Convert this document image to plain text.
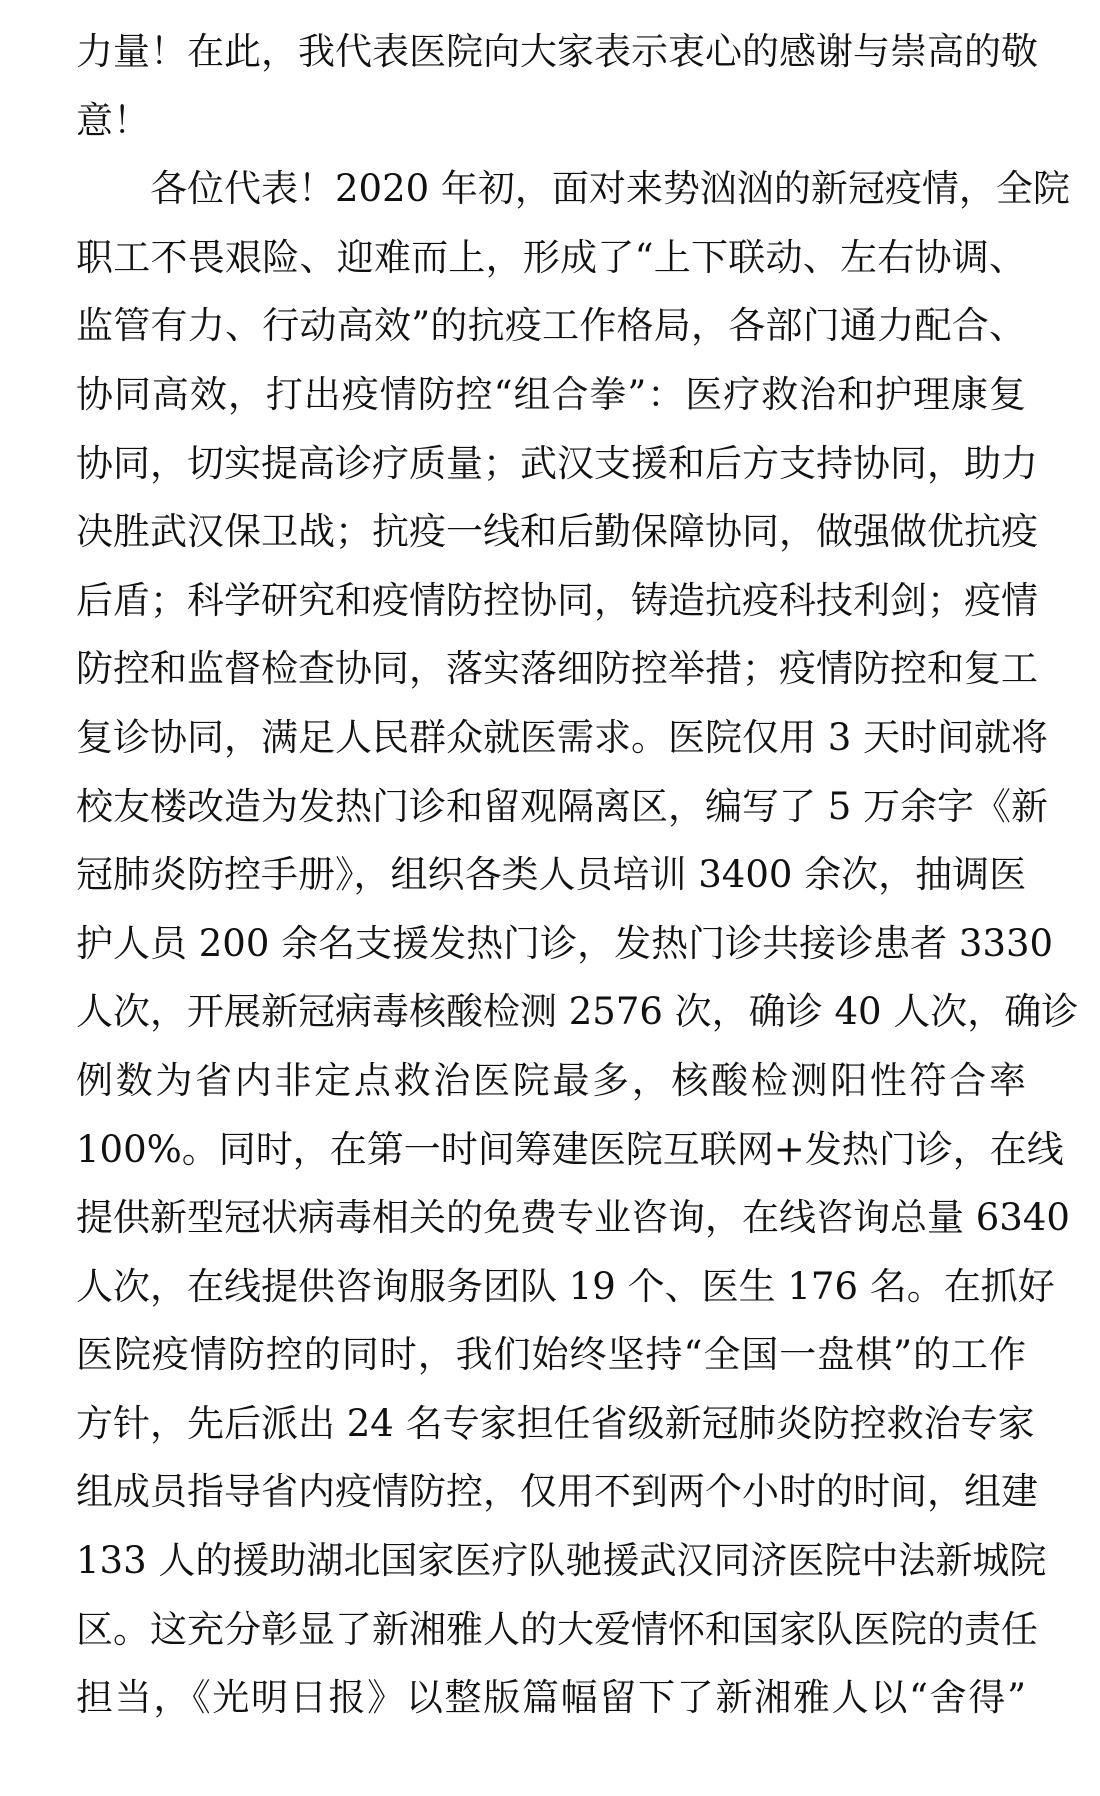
力量！在此，我代表医院向大家表示衷心的感谢与崇高的敬
意！
各位代表！2020 年初，面对来势汹汹的新冠疫情，全院
职工不畏艰险、迎难而上，形成了“上下联动、左右协调、
监管有力、行动高效”的抗疫工作格局，各部门通力配合、
协同高效，打出疫情防控“组合拳”：医疗救治和护理康复
协同，切实提高诊疗质量；武汉支援和后方支持协同，助力
决胜武汉保卫战；抗疫一线和后勤保障协同，做强做优抗疫
后盾；科学研究和疫情防控协同，铸造抗疫科技利剑；疫情
防控和监督检查协同，落实落细防控举措；疫情防控和复工
复诊协同，满足人民群众就医需求。医院仅用 3 天时间就将
校友楼改造为发热门诊和留观隔离区，编写了 5 万余字《新
冠肺炎防控手册》，组织各类人员培训 3400 余次，抽调医
护人员 200 余名支援发热门诊，发热门诊共接诊患者 3330
人次，开展新冠病毒核酸检测 2576 次，确诊 40 人次，确诊
例数为省内非定点救治医院最多，核酸检测阳性符合率
100%。同时，在第一时间筹建医院互联网+发热门诊，在线
提供新型冠状病毒相关的免费专业咨询，在线咨询总量 6340
人次，在线提供咨询服务团队 19 个、医生 176 名。在抓好
医院疫情防控的同时，我们始终坚持“全国一盘棋”的工作
方针，先后派出 24 名专家担任省级新冠肺炎防控救治专家
组成员指导省内疫情防控，仅用不到两个小时的时间，组建
133 人的援助湖北国家医疗队驰援武汉同济医院中法新城院
区。这充分彰显了新湘雅人的大爱情怀和国家队医院的责任
担当，《光明日报》以整版篇幅留下了新湘雅人以“舍得”
